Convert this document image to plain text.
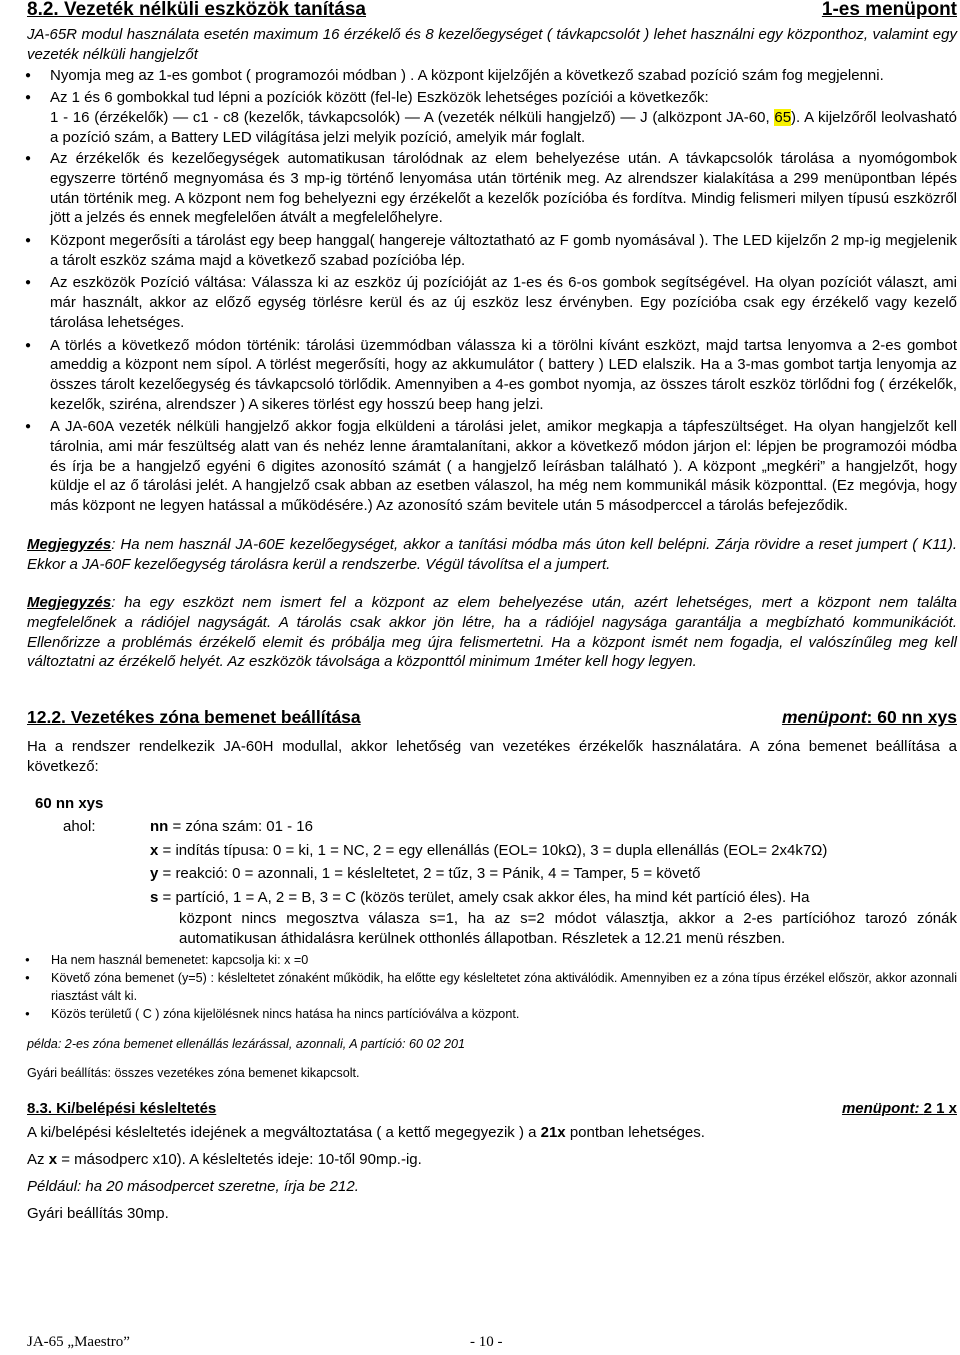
8.2. Vezeték nélküli eszközök tanítása	1-es menüpont

JA-65R modul használata esetén maximum 16 érzékelő és 8 kezelőegységet ( távkapcsolót ) lehet használni egy központhoz, valamint egy vezeték nélküli hangjelzőt

● Nyomja meg az 1-es gombot ( programozói módban ) . A központ kijelzőjén a következő szabad pozíció szám fog megjelenni.
● Az 1 és 6 gombokkal tud lépni a pozíciók között (fel-le) Eszközök lehetséges pozíciói a következők:
1 - 16 (érzékelők) — c1 - c8 (kezelők, távkapcsolók) — A (vezeték nélküli hangjelző) — J (alközpont JA-60, 65). A kijelzőről leolvasható a pozíció szám, a Battery LED világítása jelzi melyik pozíció, amelyik már foglalt.
● Az érzékelők és kezelőegységek automatikusan tárolódnak az elem behelyezése után. A távkapcsolók tárolása a nyomógombok egyszerre történő megnyomása és 3 mp-ig történő lenyomása után történik meg. Az alrendszer kialakítása a 299 menüpontban lépés után történik meg. A központ nem fog behelyezni egy érzékelőt a kezelők pozícióba és fordítva. Mindig felismeri milyen típusú eszközről jött a jelzés és ennek megfelelően átvált a megfelelőhelyre.
● Központ megerősíti a tárolást egy beep hanggal( hangereje változtatható az F gomb nyomásával ). The LED kijelzőn 2 mp-ig megjelenik a tárolt eszköz száma majd a következő szabad pozícióba lép.
● Az eszközök Pozíció váltása: Válassza ki az eszköz új pozícióját az 1-es és 6-os gombok segítségével. Ha olyan pozíciót választ, ami már használt, akkor az előző egység törlésre kerül és az új eszköz lesz érvényben. Egy pozícióba csak egy érzékelő vagy kezelő tárolása lehetséges.
● A törlés a következő módon történik: tárolási üzemmódban válassza ki a törölni kívánt eszközt, majd tartsa lenyomva a 2-es gombot ameddig a központ nem sípol. A törlést megerősíti, hogy az akkumulátor ( battery ) LED elalszik. Ha a 3-mas gombot tartja lenyomja az összes tárolt kezelőegység és távkapcsoló törlődik. Amennyiben a 4-es gombot nyomja, az összes tárolt eszköz törlődni fog ( érzékelők, kezelők, sziréna, alrendszer ) A sikeres törlést egy hosszú beep hang jelzi.
● A JA-60A vezeték nélküli hangjelző akkor fogja elküldeni a tárolási jelet, amikor megkapja a tápfeszültséget. Ha olyan hangjelzőt kell tárolnia, ami már feszültség alatt van és nehéz lenne áramtalanítani, akkor a következő módon járjon el: lépjen be programozói módba és írja be a hangjelző egyéni 6 digites azonosító számát ( a hangjelző leírásban található ). A központ „megkéri” a hangjelzőt, hogy küldje el az ő tárolási jelét. A hangjelző csak abban az esetben válaszol, ha még nem kommunikál másik központtal. (Ez megóvja, hogy más központ ne legyen hatással a működésére.) Az azonosító szám bevitele után 5 másodperccel a tárolás befejeződik.

Megjegyzés: Ha nem használ JA-60E kezelőegységet, akkor a tanítási módba más úton kell belépni. Zárja rövidre a reset jumpert ( K11). Ekkor a JA-60F kezelőegység tárolásra kerül a rendszerbe. Végül távolítsa el a jumpert.

Megjegyzés: ha egy eszközt nem ismert fel a központ az elem behelyezése után, azért lehetséges, mert a központ nem találta megfelelőnek a rádiójel nagyságát. A tárolás csak akkor jön létre, ha a rádiójel nagysága garantálja a megbízható kommunikációt. Ellenőrizze a problémás érzékelő elemit és próbálja meg újra felismertetni. Ha a központ ismét nem fogadja, el valószínűleg meg kell változtatni az érzékelő helyét. Az eszközök távolsága a központtól minimum 1méter kell hogy legyen.

12.2. Vezetékes zóna bemenet beállítása	menüpont: 60 nn xys

Ha a rendszer rendelkezik JA-60H modullal, akkor lehetőség van vezetékes érzékelők használatára. A zóna bemenet beállítása a következő:

60 nn xys

ahol:	nn = zóna szám: 01 - 16
x = indítás típusa: 0 = ki, 1 = NC, 2 = egy ellenállás (EOL= 10kΩ), 3 = dupla ellenállás (EOL= 2x4k7Ω)
y = reakció: 0 = azonnali, 1 = késleltetet, 2 = tűz, 3 = Pánik, 4 = Tamper, 5 = követő
s = partíció, 1 = A, 2 = B, 3 = C (közös terület, amely csak akkor éles, ha mind két partíció éles). Ha
központ nincs megosztva válasza s=1, ha az s=2 módot választja, akkor a 2-es partícióhoz tarozó zónák automatikusan áthidalásra kerülnek otthonlés állapotban. Részletek a 12.21 menü részben.
● Ha nem használ bemenetet: kapcsolja ki: x =0
● Követő zóna bemenet (y=5) : késleltetet zónaként működik, ha előtte egy késleltetet zóna aktiválódik. Amennyiben ez a zóna típus érzékel először, akkor azonnali riasztást vált ki.
● Közös területű ( C ) zóna kijelölésnek nincs hatása ha nincs partícióválva a központ.

példa: 2-es zóna bemenet ellenállás lezárással, azonnali, A partíció: 60 02 201

Gyári beállítás: összes vezetékes zóna bemenet kikapcsolt.

8.3. Ki/belépési késleltetés	menüpont: 2 1 x

A ki/belépési késleltetés idejének a megváltoztatása ( a kettő megegyezik ) a 21x pontban lehetséges.

Az x = másodperc x10). A késleltetés ideje: 10-től 90mp.-ig.

Például: ha 20 másodpercet szeretne, írja be 212.

Gyári beállítás 30mp.

JA-65 „Maestro”	- 10 -
